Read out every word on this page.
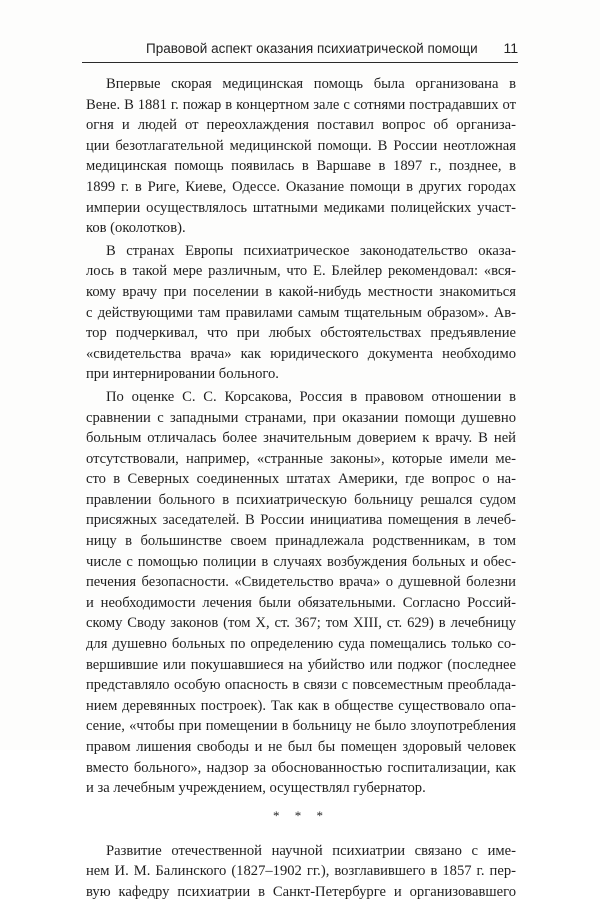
Правовой аспект оказания психиатрической помощи 11
Впервые скорая медицинская помощь была организована в
Вене. В 1881 г. пожар в концертном зале с сотнями пострадавших от
огня и людей от переохлаждения поставил вопрос об организа-
ции безотлагательной медицинской помощи. В России неотложная
медицинская помощь появилась в Варшаве в 1897 г., позднее, в
1899 г. в Риге, Киеве, Одессе. Оказание помощи в других городах
империи осуществлялось штатными медиками полицейских участ-
ков (околотков).
В странах Европы психиатрическое законодательство оказа-
лось в такой мере различным, что Е. Блейлер рекомендовал: «вся-
кому врачу при поселении в какой-нибудь местности знакомиться
с действующими там правилами самым тщательным образом». Ав-
тор подчеркивал, что при любых обстоятельствах предъявление
«свидетельства врача» как юридического документа необходимо
при интернировании больного.
По оценке С. С. Корсакова, Россия в правовом отношении в
сравнении с западными странами, при оказании помощи душевно
больным отличалась более значительным доверием к врачу. В ней
отсутствовали, например, «странные законы», которые имели ме-
сто в Северных соединенных штатах Америки, где вопрос о на-
правлении больного в психиатрическую больницу решался судом
присяжных заседателей. В России инициатива помещения в лечеб-
ницу в большинстве своем принадлежала родственникам, в том
числе с помощью полиции в случаях возбуждения больных и обес-
печения безопасности. «Свидетельство врача» о душевной болезни
и необходимости лечения были обязательными. Согласно Россий-
скому Своду законов (том X, ст. 367; том XIII, ст. 629) в лечебницу
для душевно больных по определению суда помещались только со-
вершившие или покушавшиеся на убийство или поджог (последнее
представляло особую опасность в связи с повсеместным преоблада-
нием деревянных построек). Так как в обществе существовало опа-
сение, «чтобы при помещении в больницу не было злоупотребления
правом лишения свободы и не был бы помещен здоровый человек
вместо больного», надзор за обоснованностью госпитализации, как
и за лечебным учреждением, осуществлял губернатор.
* * *
Развитие отечественной научной психиатрии связано с име-
нем И. М. Балинского (1827–1902 гг.), возглавившего в 1857 г. пер-
вую кафедру психиатрии в Санкт-Петербурге и организовавшего
